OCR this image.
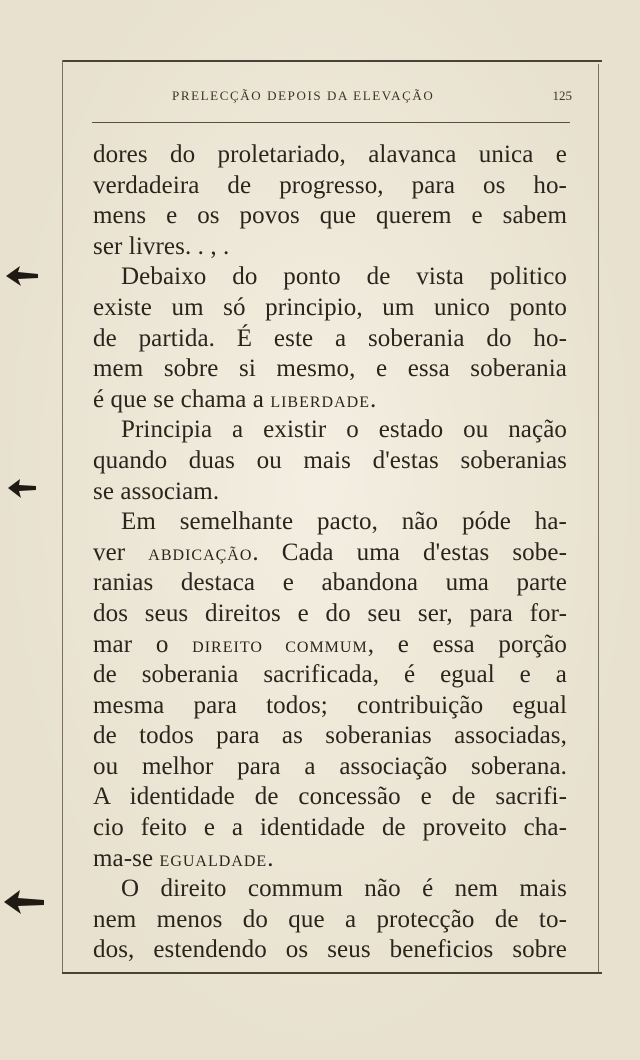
PRELECÇÃO DEPOIS DA ELEVAÇÃO	125
dores do proletariado, alavanca unica e
verdadeira de progresso, para os ho-
mens e os povos que querem e sabem
ser livres. . , .
Debaixo do ponto de vista politico
existe um só principio, um unico ponto
de partida. É este a soberania do ho-
mem sobre si mesmo, e essa soberania
é que se chama a LIBERDADE.
Principia a existir o estado ou nação
quando duas ou mais d'estas soberanias
se associam.
Em semelhante pacto, não póde ha-
ver ABDICAÇÃO. Cada uma d'estas sobe-
ranias destaca e abandona uma parte
dos seus direitos e do seu ser, para for-
mar o DIREITO COMMUM, e essa porção
de soberania sacrificada, é egual e a
mesma para todos; contribuição egual
de todos para as soberanias associadas,
ou melhor para a associação soberana.
A identidade de concessão e de sacrifi-
cio feito e a identidade de proveito cha-
ma-se EGUALDADE.
O direito commum não é nem mais
nem menos do que a protecção de to-
dos, estendendo os seus beneficios sobre
